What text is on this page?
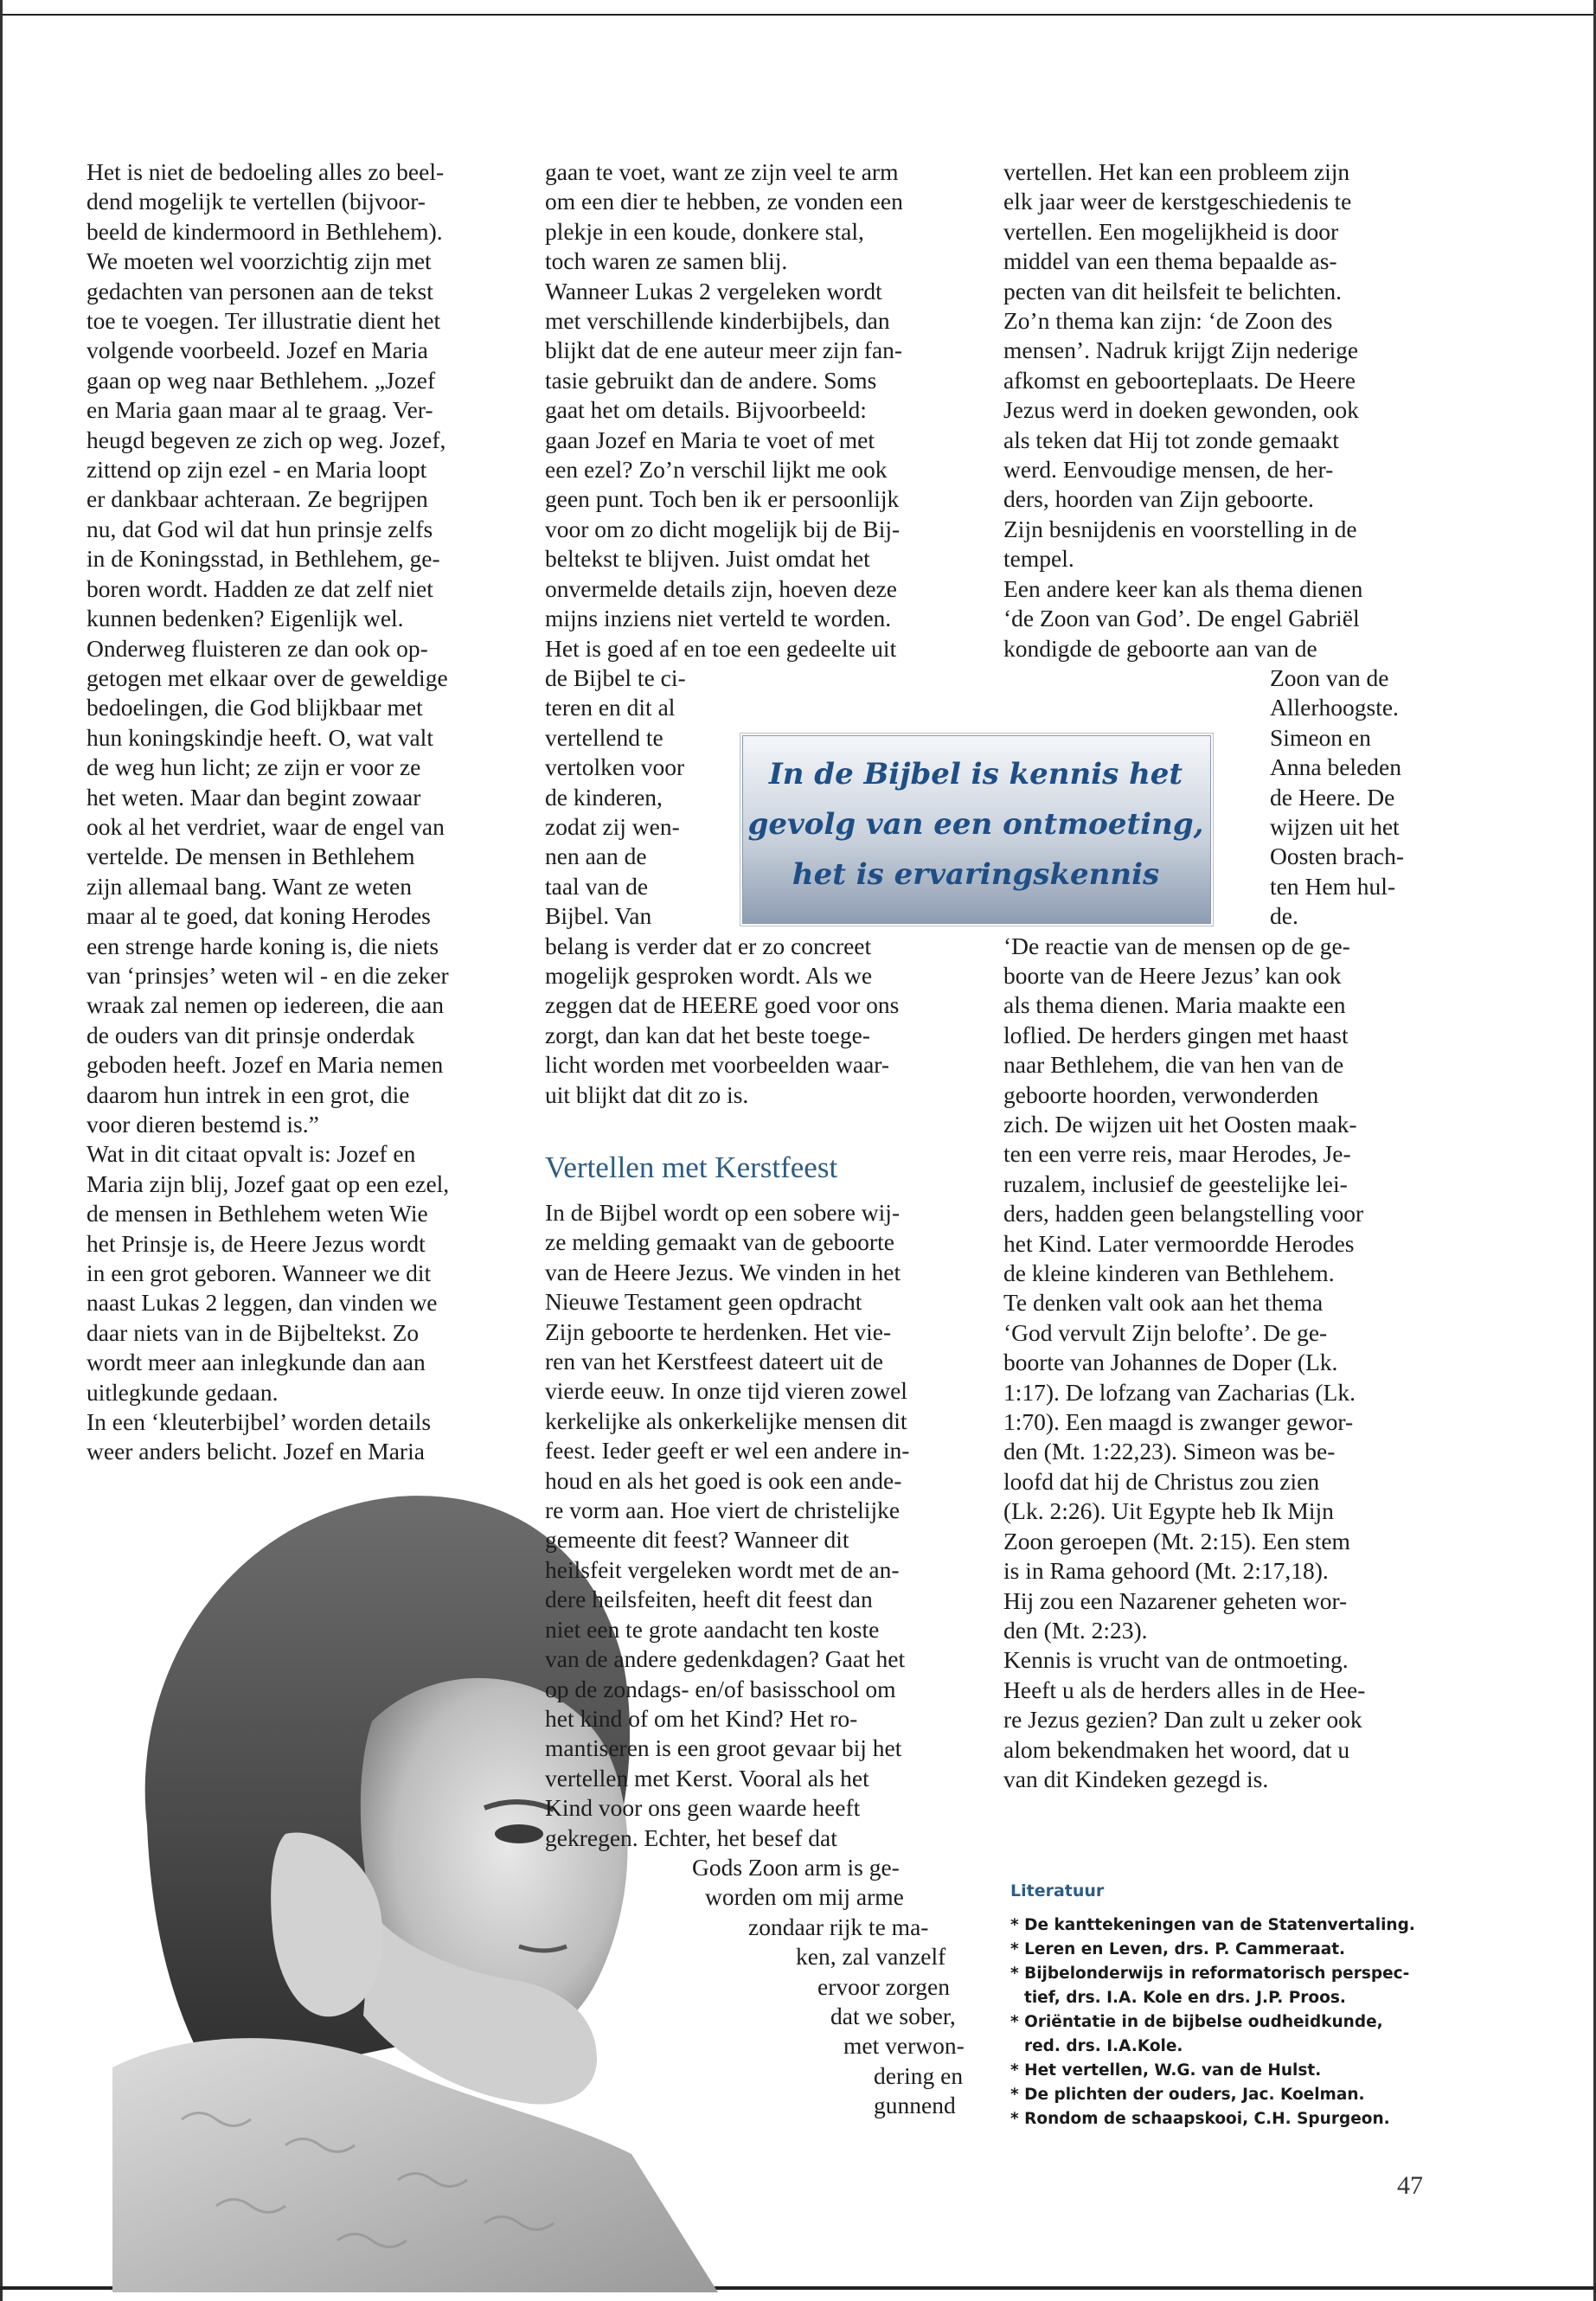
Het is niet de bedoeling alles zo beel-
dend mogelijk te vertellen (bijvoor-
beeld de kindermoord in Bethlehem).
We moeten wel voorzichtig zijn met
gedachten van personen aan de tekst
toe te voegen. Ter illustratie dient het
volgende voorbeeld. Jozef en Maria
gaan op weg naar Bethlehem. „Jozef
en Maria gaan maar al te graag. Ver-
heugd begeven ze zich op weg. Jozef,
zittend op zijn ezel - en Maria loopt
er dankbaar achteraan. Ze begrijpen
nu, dat God wil dat hun prinsje zelfs
in de Koningsstad, in Bethlehem, ge-
boren wordt. Hadden ze dat zelf niet
kunnen bedenken? Eigenlijk wel.
Onderweg fluisteren ze dan ook op-
getogen met elkaar over de geweldige
bedoelingen, die God blijkbaar met
hun koningskindje heeft. O, wat valt
de weg hun licht; ze zijn er voor ze
het weten. Maar dan begint zowaar
ook al het verdriet, waar de engel van
vertelde. De mensen in Bethlehem
zijn allemaal bang. Want ze weten
maar al te goed, dat koning Herodes
een strenge harde koning is, die niets
van ‘prinsjes’ weten wil - en die zeker
wraak zal nemen op iedereen, die aan
de ouders van dit prinsje onderdak
geboden heeft. Jozef en Maria nemen
daarom hun intrek in een grot, die
voor dieren bestemd is.”
Wat in dit citaat opvalt is: Jozef en
Maria zijn blij, Jozef gaat op een ezel,
de mensen in Bethlehem weten Wie
het Prinsje is, de Heere Jezus wordt
in een grot geboren. Wanneer we dit
naast Lukas 2 leggen, dan vinden we
daar niets van in de Bijbeltekst. Zo
wordt meer aan inlegkunde dan aan
uitlegkunde gedaan.
In een ‘kleuterbijbel’ worden details
weer anders belicht. Jozef en Maria
gaan te voet, want ze zijn veel te arm
om een dier te hebben, ze vonden een
plekje in een koude, donkere stal,
toch waren ze samen blij.
Wanneer Lukas 2 vergeleken wordt
met verschillende kinderbijbels, dan
blijkt dat de ene auteur meer zijn fan-
tasie gebruikt dan de andere. Soms
gaat het om details. Bijvoorbeeld:
gaan Jozef en Maria te voet of met
een ezel? Zo’n verschil lijkt me ook
geen punt. Toch ben ik er persoonlijk
voor om zo dicht mogelijk bij de Bij-
beltekst te blijven. Juist omdat het
onvermelde details zijn, hoeven deze
mijns inziens niet verteld te worden.
Het is goed af en toe een gedeelte uit
de Bijbel te ci-
teren en dit al
vertellend te
vertolken voor
de kinderen,
zodat zij wen-
nen aan de
taal van de
Bijbel. Van
belang is verder dat er zo concreet
mogelijk gesproken wordt. Als we
zeggen dat de HEERE goed voor ons
zorgt, dan kan dat het beste toege-
licht worden met voorbeelden waar-
uit blijkt dat dit zo is.
Vertellen met Kerstfeest
In de Bijbel wordt op een sobere wij-
ze melding gemaakt van de geboorte
van de Heere Jezus. We vinden in het
Nieuwe Testament geen opdracht
Zijn geboorte te herdenken. Het vie-
ren van het Kerstfeest dateert uit de
vierde eeuw. In onze tijd vieren zowel
kerkelijke als onkerkelijke mensen dit
feest. Ieder geeft er wel een andere in-
houd en als het goed is ook een ande-
re vorm aan. Hoe viert de christelijke
gemeente dit feest? Wanneer dit
heilsfeit vergeleken wordt met de an-
dere heilsfeiten, heeft dit feest dan
niet een te grote aandacht ten koste
van de andere gedenkdagen? Gaat het
op de zondags- en/of basisschool om
het kind of om het Kind? Het ro-
mantiseren is een groot gevaar bij het
vertellen met Kerst. Vooral als het
Kind voor ons geen waarde heeft
gekregen. Echter, het besef dat
Gods Zoon arm is ge-
worden om mij arme
zondaar rijk te ma-
ken, zal vanzelf
ervoor zorgen
dat we sober,
met verwon-
dering en
gunnend
vertellen. Het kan een probleem zijn
elk jaar weer de kerstgeschiedenis te
vertellen. Een mogelijkheid is door
middel van een thema bepaalde as-
pecten van dit heilsfeit te belichten.
Zo’n thema kan zijn: ‘de Zoon des
mensen’. Nadruk krijgt Zijn nederige
afkomst en geboorteplaats. De Heere
Jezus werd in doeken gewonden, ook
als teken dat Hij tot zonde gemaakt
werd. Eenvoudige mensen, de her-
ders, hoorden van Zijn geboorte.
Zijn besnijdenis en voorstelling in de
tempel.
Een andere keer kan als thema dienen
‘de Zoon van God’. De engel Gabriël
kondigde de geboorte aan van de
Zoon van de
Allerhoogste.
Simeon en
Anna beleden
de Heere. De
wijzen uit het
Oosten brach-
ten Hem hul-
de.
‘De reactie van de mensen op de ge-
boorte van de Heere Jezus’ kan ook
als thema dienen. Maria maakte een
loflied. De herders gingen met haast
naar Bethlehem, die van hen van de
geboorte hoorden, verwonderden
zich. De wijzen uit het Oosten maak-
ten een verre reis, maar Herodes, Je-
ruzalem, inclusief de geestelijke lei-
ders, hadden geen belangstelling voor
het Kind. Later vermoordde Herodes
de kleine kinderen van Bethlehem.
Te denken valt ook aan het thema
‘God vervult Zijn belofte’. De ge-
boorte van Johannes de Doper (Lk.
1:17). De lofzang van Zacharias (Lk.
1:70). Een maagd is zwanger gewor-
den (Mt. 1:22,23). Simeon was be-
loofd dat hij de Christus zou zien
(Lk. 2:26). Uit Egypte heb Ik Mijn
Zoon geroepen (Mt. 2:15). Een stem
is in Rama gehoord (Mt. 2:17,18).
Hij zou een Nazarener geheten wor-
den (Mt. 2:23).
Kennis is vrucht van de ontmoeting.
Heeft u als de herders alles in de Hee-
re Jezus gezien? Dan zult u zeker ook
alom bekendmaken het woord, dat u
van dit Kindeken gezegd is.
In de Bijbel is kennis het
gevolg van een ontmoeting,
het is ervaringskennis
Literatuur
* De kanttekeningen van de Statenvertaling.
* Leren en Leven, drs. P. Cammeraat.
* Bijbelonderwijs in reformatorisch perspec-
tief, drs. I.A. Kole en drs. J.P. Proos.
* Oriëntatie in de bijbelse oudheidkunde,
red. drs. I.A.Kole.
* Het vertellen, W.G. van de Hulst.
* De plichten der ouders, Jac. Koelman.
* Rondom de schaapskooi, C.H. Spurgeon.
47
